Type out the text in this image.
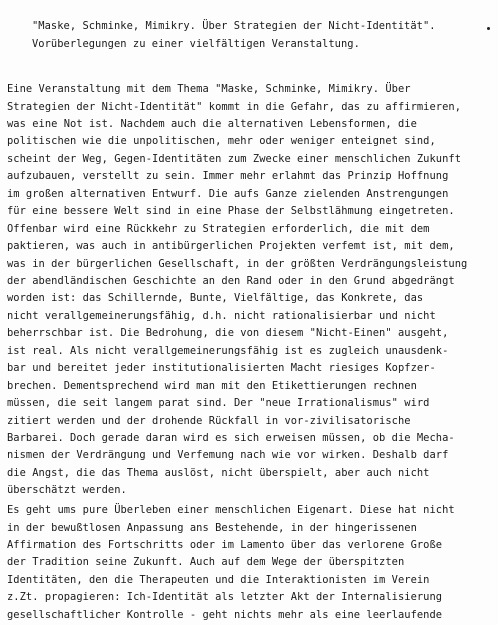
"Maske, Schminke, Mimikry. Über Strategien der Nicht-Identität".
Vorüberlegungen zu einer vielfältigen Veranstaltung.
Eine Veranstaltung mit dem Thema "Maske, Schminke, Mimikry. Über
Strategien der Nicht-Identität" kommt in die Gefahr, das zu affirmieren,
was eine Not ist. Nachdem auch die alternativen Lebensformen, die
politischen wie die unpolitischen, mehr oder weniger enteignet sind,
scheint der Weg, Gegen-Identitäten zum Zwecke einer menschlichen Zukunft
aufzubauen, verstellt zu sein. Immer mehr erlahmt das Prinzip Hoffnung
im großen alternativen Entwurf. Die aufs Ganze zielenden Anstrengungen
für eine bessere Welt sind in eine Phase der Selbstlähmung eingetreten.
Offenbar wird eine Rückkehr zu Strategien erforderlich, die mit dem
paktieren, was auch in antibürgerlichen Projekten verfemt ist, mit dem,
was in der bürgerlichen Gesellschaft, in der größten Verdrängungsleistung
der abendländischen Geschichte an den Rand oder in den Grund abgedrängt
worden ist: das Schillernde, Bunte, Vielfältige, das Konkrete, das
nicht verallgemeinerungsfähig, d.h. nicht rationalisierbar und nicht
beherrschbar ist. Die Bedrohung, die von diesem "Nicht-Einen" ausgeht,
ist real. Als nicht verallgemeinerungsfähig ist es zugleich unausdenk-
bar und bereitet jeder institutionalisierten Macht riesiges Kopfzer-
brechen. Dementsprechend wird man mit den Etikettierungen rechnen
müssen, die seit langem parat sind. Der "neue Irrationalismus" wird
zitiert werden und der drohende Rückfall in vor-zivilisatorische
Barbarei. Doch gerade daran wird es sich erweisen müssen, ob die Mecha-
nismen der Verdrängung und Verfemung nach wie vor wirken. Deshalb darf
die Angst, die das Thema auslöst, nicht überspielt, aber auch nicht
überschätzt werden.
Es geht ums pure Überleben einer menschlichen Eigenart. Diese hat nicht
in der bewußtlosen Anpassung ans Bestehende, in der hingerissenen
Affirmation des Fortschritts oder im Lamento über das verlorene Große
der Tradition seine Zukunft. Auch auf dem Wege der überspitzten
Identitäten, den die Therapeuten und die Interaktionisten im Verein
z.Zt. propagieren: Ich-Identität als letzter Akt der Internalisierung
gesellschaftlicher Kontrolle - geht nichts mehr als eine leerlaufende
